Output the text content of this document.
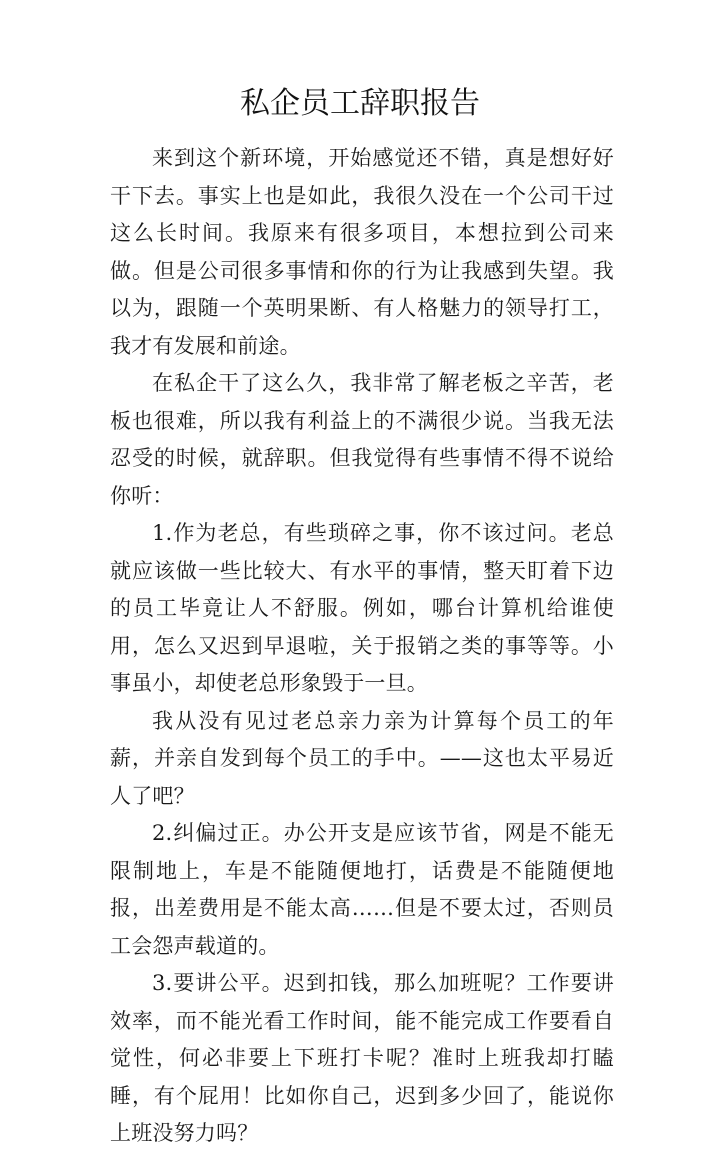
私企员工辞职报告

来到这个新环境，开始感觉还不错，真是想好好干下去。事实上也是如此，我很久没在一个公司干过这么长时间。我原来有很多项目，本想拉到公司来做。但是公司很多事情和你的行为让我感到失望。我以为，跟随一个英明果断、有人格魅力的领导打工，我才有发展和前途。

在私企干了这么久，我非常了解老板之辛苦，老板也很难，所以我有利益上的不满很少说。当我无法忍受的时候，就辞职。但我觉得有些事情不得不说给你听：

1.作为老总，有些琐碎之事，你不该过问。老总就应该做一些比较大、有水平的事情，整天盯着下边的员工毕竟让人不舒服。例如，哪台计算机给谁使用，怎么又迟到早退啦，关于报销之类的事等等。小事虽小，却使老总形象毁于一旦。

我从没有见过老总亲力亲为计算每个员工的年薪，并亲自发到每个员工的手中。——这也太平易近人了吧？

2.纠偏过正。办公开支是应该节省，网是不能无限制地上，车是不能随便地打，话费是不能随便地报，出差费用是不能太高……但是不要太过，否则员工会怨声载道的。

3.要讲公平。迟到扣钱，那么加班呢？工作要讲效率，而不能光看工作时间，能不能完成工作要看自觉性，何必非要上下班打卡呢？准时上班我却打瞌睡，有个屁用！比如你自己，迟到多少回了，能说你上班没努力吗？
